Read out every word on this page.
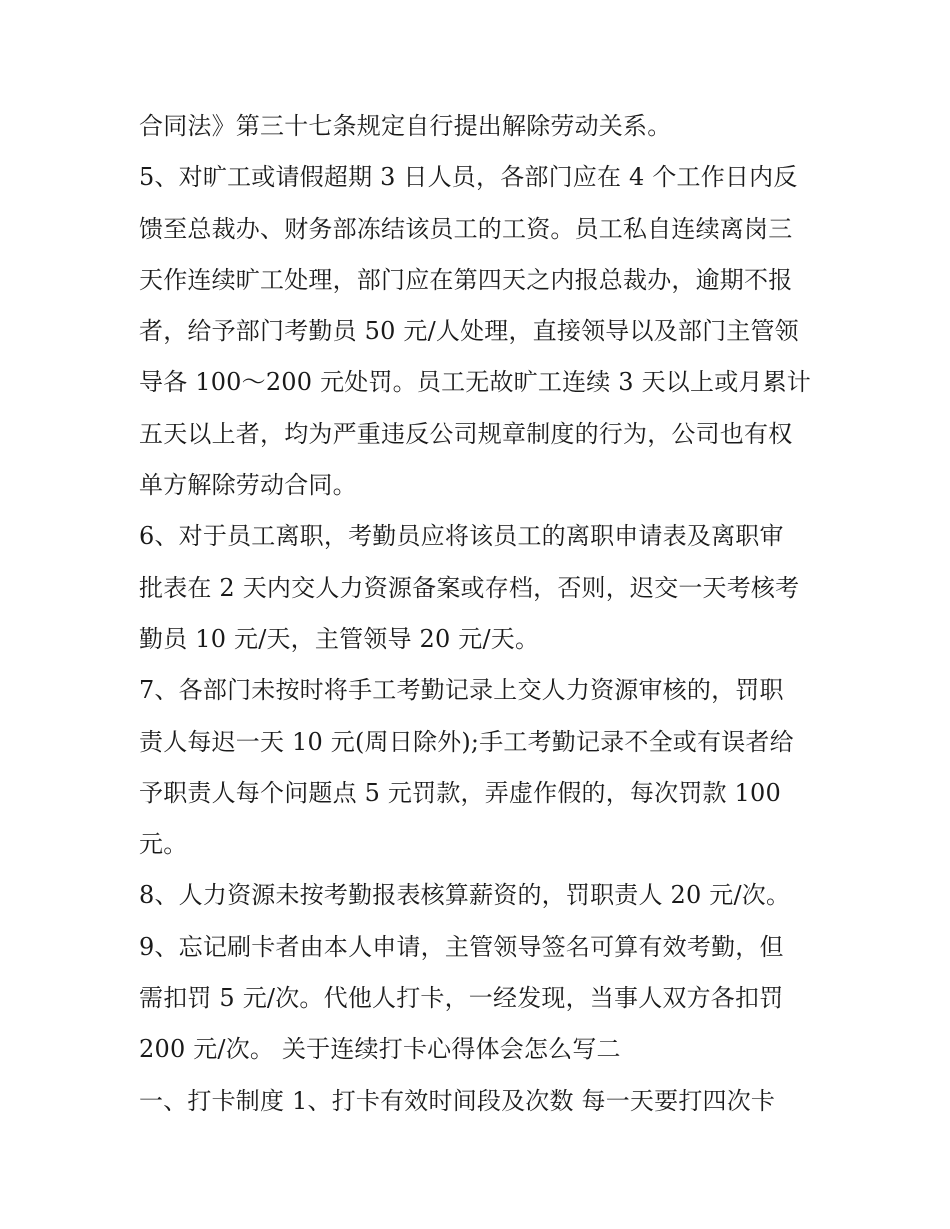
合同法》第三十七条规定自行提出解除劳动关系。
5、对旷工或请假超期 3 日人员，各部门应在 4 个工作日内反
馈至总裁办、财务部冻结该员工的工资。员工私自连续离岗三
天作连续旷工处理，部门应在第四天之内报总裁办，逾期不报
者，给予部门考勤员 50 元/人处理，直接领导以及部门主管领
导各 100～200 元处罚。员工无故旷工连续 3 天以上或月累计
五天以上者，均为严重违反公司规章制度的行为，公司也有权
单方解除劳动合同。
6、对于员工离职，考勤员应将该员工的离职申请表及离职审
批表在 2 天内交人力资源备案或存档，否则，迟交一天考核考
勤员 10 元/天，主管领导 20 元/天。
7、各部门未按时将手工考勤记录上交人力资源审核的，罚职
责人每迟一天 10 元(周日除外);手工考勤记录不全或有误者给
予职责人每个问题点 5 元罚款，弄虚作假的，每次罚款 100
元。
8、人力资源未按考勤报表核算薪资的，罚职责人 20 元/次。
9、忘记刷卡者由本人申请，主管领导签名可算有效考勤，但
需扣罚 5 元/次。代他人打卡，一经发现，当事人双方各扣罚
200 元/次。 关于连续打卡心得体会怎么写二
一、打卡制度 1、打卡有效时间段及次数 每一天要打四次卡
